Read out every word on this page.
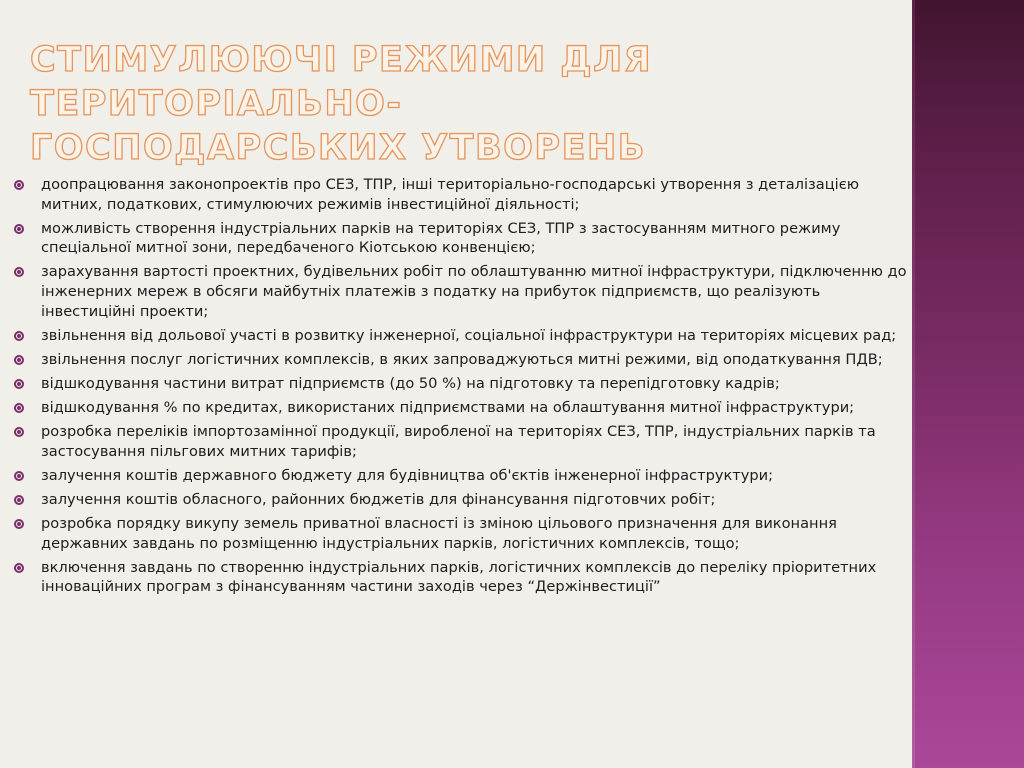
СТИМУЛЮЮЧІ РЕЖИМИ ДЛЯ ТЕРИТОРІАЛЬНО-
ГОСПОДАРСЬКИХ УТВОРЕНЬ
доопрацювання законопроектів про СЕЗ, ТПР, інші територіально-господарські утворення з деталізацією митних, податкових, стимулюючих режимів інвестиційної діяльності;
можливість створення індустріальних парків на територіях СЕЗ, ТПР з застосуванням митного режиму спеціальної митної зони, передбаченого Кіотською конвенцією;
зарахування вартості проектних, будівельних робіт по облаштуванню митної інфраструктури, підключенню до інженерних мереж в обсяги майбутніх платежів з податку на прибуток підприємств, що реалізують інвестиційні проекти;
звільнення від дольової участі в розвитку інженерної, соціальної інфраструктури на територіях місцевих рад;
звільнення послуг логістичних комплексів, в яких запроваджуються митні режими, від оподаткування ПДВ;
відшкодування частини витрат підприємств (до 50 %) на підготовку та перепідготовку кадрів;
відшкодування % по кредитах, використаних підприємствами на облаштування митної інфраструктури;
розробка переліків імпортозамінної продукції, виробленої на територіях СЕЗ, ТПР, індустріальних парків та застосування пільгових митних тарифів;
залучення коштів державного бюджету для будівництва об'єктів інженерної інфраструктури;
залучення коштів обласного, районних бюджетів для фінансування підготовчих робіт;
розробка порядку викупу земель приватної власності із зміною цільового призначення для виконання державних завдань по розміщенню індустріальних парків, логістичних комплексів, тощо;
включення завдань по створенню індустріальних парків, логістичних комплексів до переліку пріоритетних інноваційних програм з фінансуванням частини заходів через “Держінвестиції”
